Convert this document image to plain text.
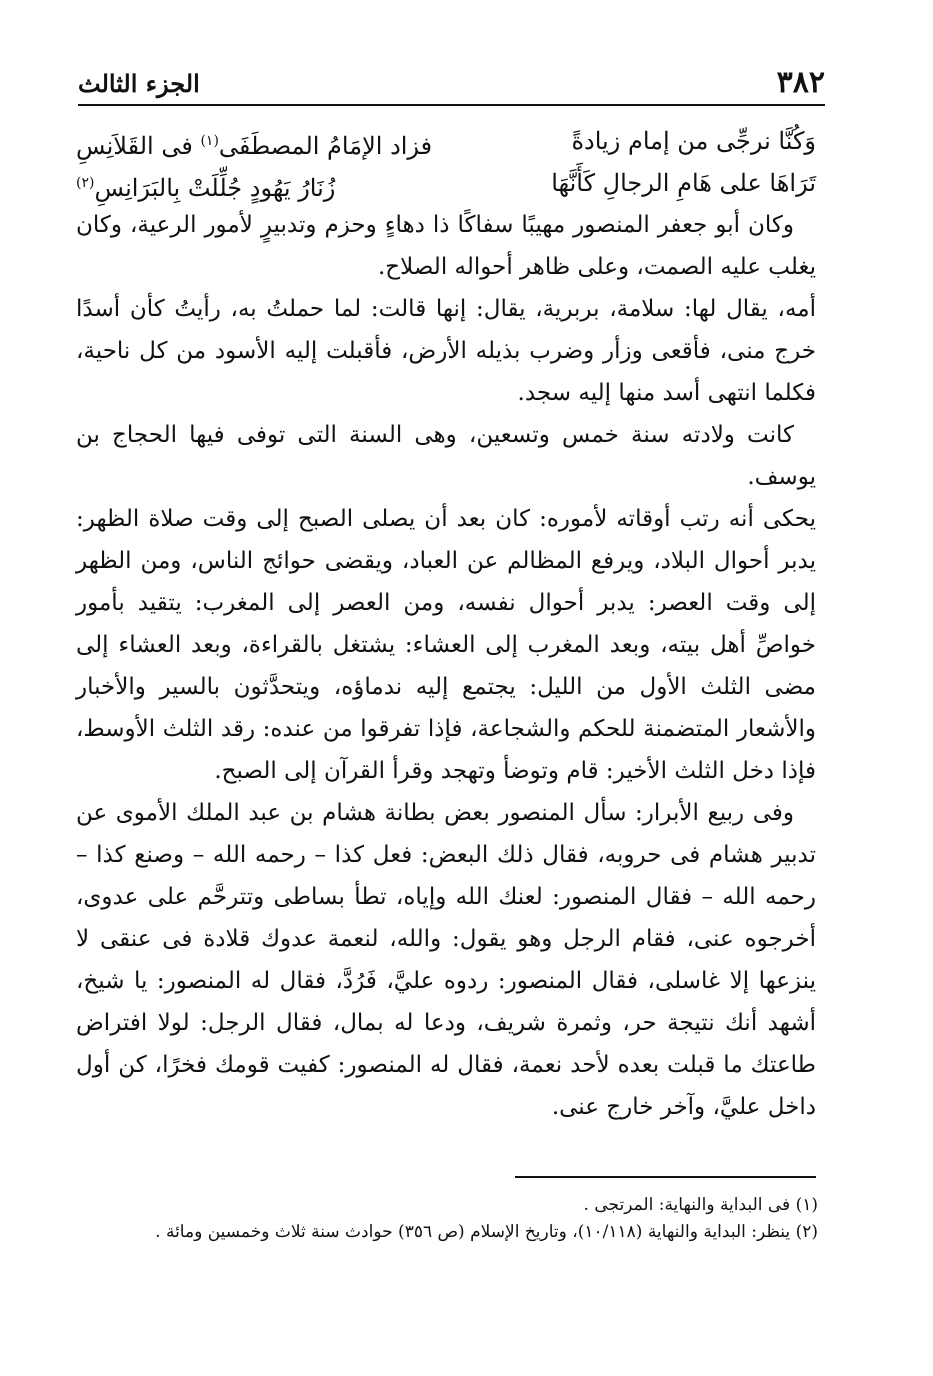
٣٨٢
الجزء الثالث
وَكُنَّا نرجِّى من إمام زيادةً
فزاد الإمَامُ المصطَفَى$^{(١)}$ فى القَلاَنِسِ
تَرَاهَا على هَامِ الرجالِ كَأَنَّهَا
زُنَارُ يَهُودٍ جُلِّلَتْ بِالبَرَانِسِ$^{(٢)}$

وكان أبو جعفر المنصور مهيبًا سفاكًا ذا دهاءٍ وحزم وتدبيرٍ لأمور الرعية، وكان يغلب عليه الصمت، وعلى ظاهر أحواله الصلاح.

أمه، يقال لها: سلامة، بربرية، يقال: إنها قالت: لما حملتُ به، رأيتُ كأن أسدًا خرج منى، فأقعى وزأر وضرب بذيله الأرض، فأقبلت إليه الأسود من كل ناحية، فكلما انتهى أسد منها إليه سجد.

كانت ولادته سنة خمس وتسعين، وهى السنة التى توفى فيها الحجاج بن يوسف.

يحكى أنه رتب أوقاته لأموره: كان بعد أن يصلى الصبح إلى وقت صلاة الظهر: يدبر أحوال البلاد، ويرفع المظالم عن العباد، ويقضى حوائج الناس، ومن الظهر إلى وقت العصر: يدبر أحوال نفسه، ومن العصر إلى المغرب: يتقيد بأمور خواصِّ أهل بيته، وبعد المغرب إلى العشاء: يشتغل بالقراءة، وبعد العشاء إلى مضى الثلث الأول من الليل: يجتمع إليه ندماؤه، ويتحدَّثون بالسير والأخبار والأشعار المتضمنة للحكم والشجاعة، فإذا تفرقوا من عنده: رقد الثلث الأوسط، فإذا دخل الثلث الأخير: قام وتوضأ وتهجد وقرأ القرآن إلى الصبح.

وفى ربيع الأبرار: سأل المنصور بعض بطانة هشام بن عبد الملك الأموى عن تدبير هشام فى حروبه، فقال ذلك البعض: فعل كذا – رحمه الله – وصنع كذا – رحمه الله – فقال المنصور: لعنك الله وإياه، تطأ بساطى وتترحَّم على عدوى، أخرجوه عنى، فقام الرجل وهو يقول: والله، لنعمة عدوك قلادة فى عنقى لا ينزعها إلا غاسلى، فقال المنصور: ردوه عليَّ، فَرُدَّ، فقال له المنصور: يا شيخ، أشهد أنك نتيجة حر، وثمرة شريف، ودعا له بمال، فقال الرجل: لولا افتراض طاعتك ما قبلت بعده لأحد نعمة، فقال له المنصور: كفيت قومك فخرًا، كن أول داخل عليَّ، وآخر خارج عنى.

(١) فى البداية والنهاية: المرتجى .

(٢) ينظر: البداية والنهاية (١٠/١١٨)، وتاريخ الإسلام (ص ٣٥٦) حوادث سنة ثلاث وخمسين ومائة .
